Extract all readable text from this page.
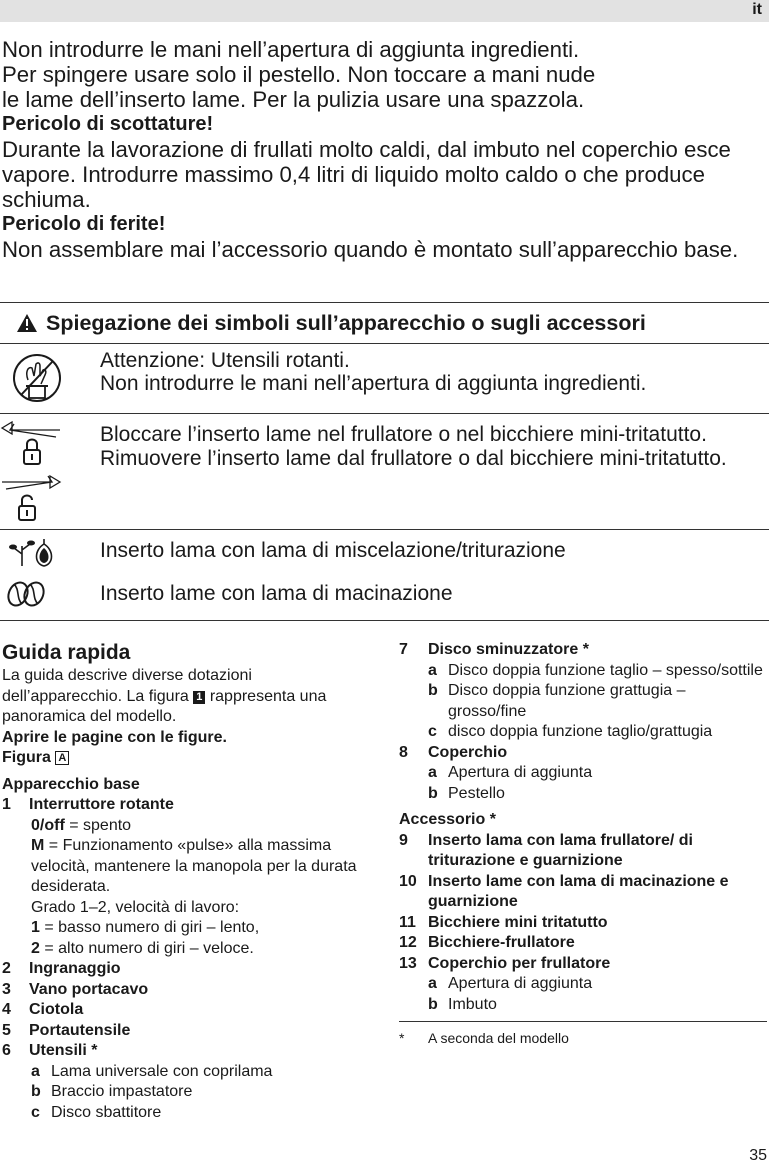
it

Non introdurre le mani nell’apertura di aggiunta ingredienti.

Per spingere usare solo il pestello. Non toccare a mani nude

le lame dell’inserto lame. Per la pulizia usare una spazzola.

Pericolo di scottature!

Durante la lavorazione di frullati molto caldi, dal imbuto nel coperchio esce vapore. Introdurre massimo 0,4 litri di liquido molto caldo o che produce schiuma.

Pericolo di ferite!

Non assemblare mai l’accessorio quando è montato sull’apparecchio base.

Spiegazione dei simboli sull’apparecchio o sugli accessori
Attenzione: Utensili rotanti.
Non introdurre le mani nell’apertura di aggiunta ingredienti.
Bloccare l’inserto lame nel frullatore o nel bicchiere mini-tritatutto.
Rimuovere l’inserto lame dal frullatore o dal bicchiere mini-tritatutto.
Inserto lama con lama di miscelazione/triturazione
Inserto lame con lama di macinazione
Guida rapida
La guida descrive diverse dotazioni dell’apparecchio. La figura 1 rappresenta una panoramica del modello.
Aprire le pagine con le figure.
Figura A
Apparecchio base
1	Interruttore rotante
0/off = spento
M = Funzionamento «pulse» alla massima velocità, mantenere la manopola per la durata desiderata.
Grado 1–2, velocità di lavoro:
1 = basso numero di giri – lento,
2 = alto numero di giri – veloce.
2	Ingranaggio
3	Vano portacavo
4	Ciotola
5	Portautensile
6	Utensili *
a Lama universale con coprilama
b Braccio impastatore
c Disco sbattitore
7	Disco sminuzzatore *
a Disco doppia funzione taglio – spesso/sottile
b Disco doppia funzione grattugia – grosso/fine
c disco doppia funzione taglio/grattugia
8	Coperchio
a Apertura di aggiunta
b Pestello
Accessorio *
9	Inserto lama con lama frullatore/ di triturazione e guarnizione
10 Inserto lame con lama di macinazione e guarnizione
11 Bicchiere mini tritatutto
12 Bicchiere-frullatore
13 Coperchio per frullatore
a Apertura di aggiunta
b Imbuto
*	A seconda del modello
35
